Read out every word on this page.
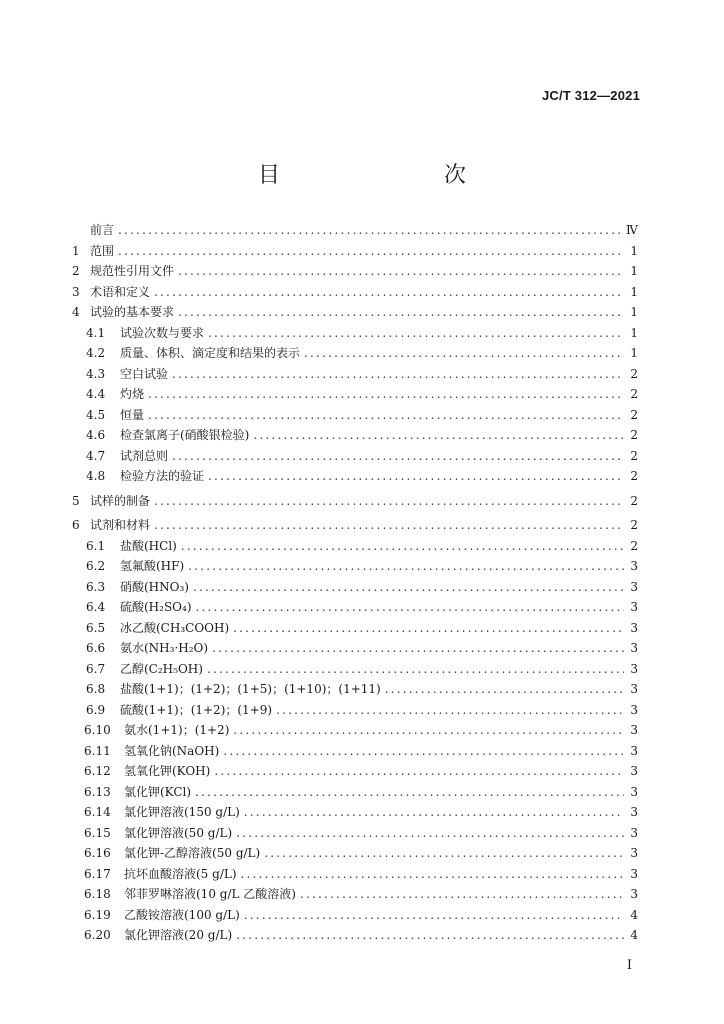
JC/T 312—2021
目　　次
前言 .....	Ⅳ
1 范围 .....	1
2 规范性引用文件 .....	1
3 术语和定义 .....	1
4 试验的基本要求 .....	1
4.1	试验次数与要求 .....	1
4.2	质量、体积、滴定度和结果的表示 .....	1
4.3	空白试验 .....	2
4.4	灼烧 .....	2
4.5	恒量 .....	2
4.6	检查氯离子(硝酸银检验) .....	2
4.7	试剂总则 .....	2
4.8	检验方法的验证 .....	2
5 试样的制备 .....	2
6 试剂和材料 .....	2
6.1	盐酸(HCl) .....	2
6.2	氢氟酸(HF) .....	3
6.3	硝酸(HNO₃) .....	3
6.4	硫酸(H₂SO₄) .....	3
6.5	冰乙酸(CH₃COOH) .....	3
6.6	氨水(NH₃·H₂O) .....	3
6.7	乙醇(C₂H₅OH) .....	3
6.8	盐酸(1+1)；(1+2)；(1+5)；(1+10)；(1+11) .....	3
6.9	硫酸(1+1)；(1+2)；(1+9) .....	3
6.10	氨水(1+1)；(1+2) .....	3
6.11	氢氧化钠(NaOH) .....	3
6.12	氢氧化钾(KOH) .....	3
6.13	氯化钾(KCl) .....	3
6.14	氯化钾溶液(150 g/L) .....	3
6.15	氯化钾溶液(50 g/L) .....	3
6.16	氯化钾-乙醇溶液(50 g/L) .....	3
6.17	抗坏血酸溶液(5 g/L) .....	3
6.18	邻菲罗啉溶液(10 g/L 乙酸溶液) .....	3
6.19	乙酸铵溶液(100 g/L) .....	4
6.20	氯化钾溶液(20 g/L) .....	4
Ⅰ
